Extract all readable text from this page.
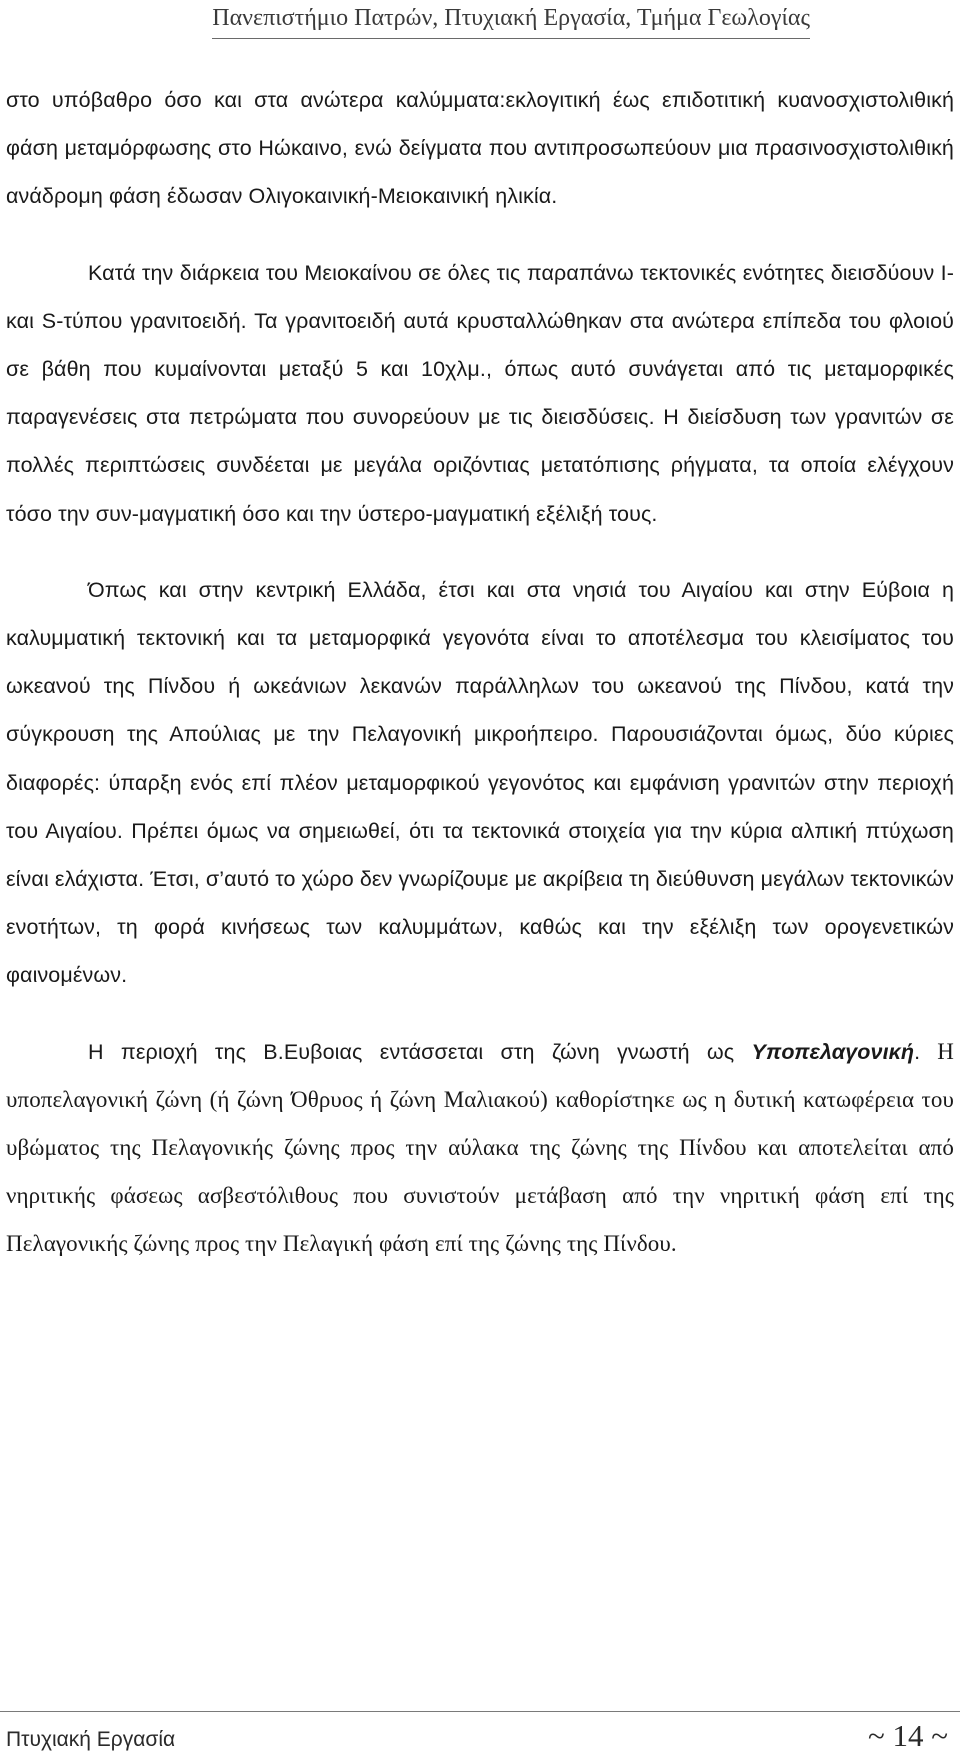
Πανεπιστήμιο Πατρών, Πτυχιακή Εργασία, Τμήμα Γεωλογίας

στο υπόβαθρο όσο και στα ανώτερα καλύμματα:εκλογιτική έως επιδοτιτική κυανοσχιστολιθική φάση μεταμόρφωσης στο Ηώκαινο, ενώ δείγματα που αντιπροσωπεύουν μια πρασινοσχιστολιθική ανάδρομη φάση έδωσαν Ολιγοκαινική-Μειοκαινική ηλικία.

Κατά την διάρκεια του Μειοκαίνου σε όλες τις παραπάνω τεκτονικές ενότητες διεισδύουν I- και S-τύπου γρανιτοειδή. Τα γρανιτοειδή αυτά κρυσταλλώθηκαν στα ανώτερα επίπεδα του φλοιού σε βάθη που κυμαίνονται μεταξύ 5 και 10χλμ., όπως αυτό συνάγεται από τις μεταμορφικές παραγενέσεις στα πετρώματα που συνορεύουν με τις διεισδύσεις. Η διείσδυση των γρανιτών σε πολλές περιπτώσεις συνδέεται με μεγάλα οριζόντιας μετατόπισης ρήγματα, τα οποία ελέγχουν τόσο την συν-μαγματική όσο και την ύστερο-μαγματική εξέλιξή τους.

Όπως και στην κεντρική Ελλάδα, έτσι και στα νησιά του Αιγαίου και στην Εύβοια η καλυμματική τεκτονική και τα μεταμορφικά γεγονότα είναι το αποτέλεσμα του κλεισίματος του ωκεανού της Πίνδου ή ωκεάνιων λεκανών παράλληλων του ωκεανού της Πίνδου, κατά την σύγκρουση της Απούλιας με την Πελαγονική μικροήπειρο. Παρουσιάζονται όμως, δύο κύριες διαφορές: ύπαρξη ενός επί πλέον μεταμορφικού γεγονότος και εμφάνιση γρανιτών στην περιοχή του Αιγαίου. Πρέπει όμως να σημειωθεί, ότι τα τεκτονικά στοιχεία για την κύρια αλπική πτύχωση είναι ελάχιστα. Έτσι, σ’αυτό το χώρο δεν γνωρίζουμε με ακρίβεια τη διεύθυνση μεγάλων τεκτονικών ενοτήτων, τη φορά κινήσεως των καλυμμάτων, καθώς και την εξέλιξη των ορογενετικών φαινομένων.

Η περιοχή της Β.Ευβοιας εντάσσεται στη ζώνη γνωστή ως Υποπελαγονική. Η υποπελαγονική ζώνη (ή ζώνη Όθρυος ή ζώνη Μαλιακού) καθορίστηκε ως η δυτική κατωφέρεια του υβώματος της Πελαγονικής ζώνης προς την αύλακα της ζώνης της Πίνδου και αποτελείται από νηριτικής φάσεως ασβεστόλιθους που συνιστούν μετάβαση από την νηριτική φάση επί της Πελαγονικής ζώνης προς την Πελαγική φάση επί της ζώνης της Πίνδου.

Πτυχιακή Εργασία	~ 14 ~
